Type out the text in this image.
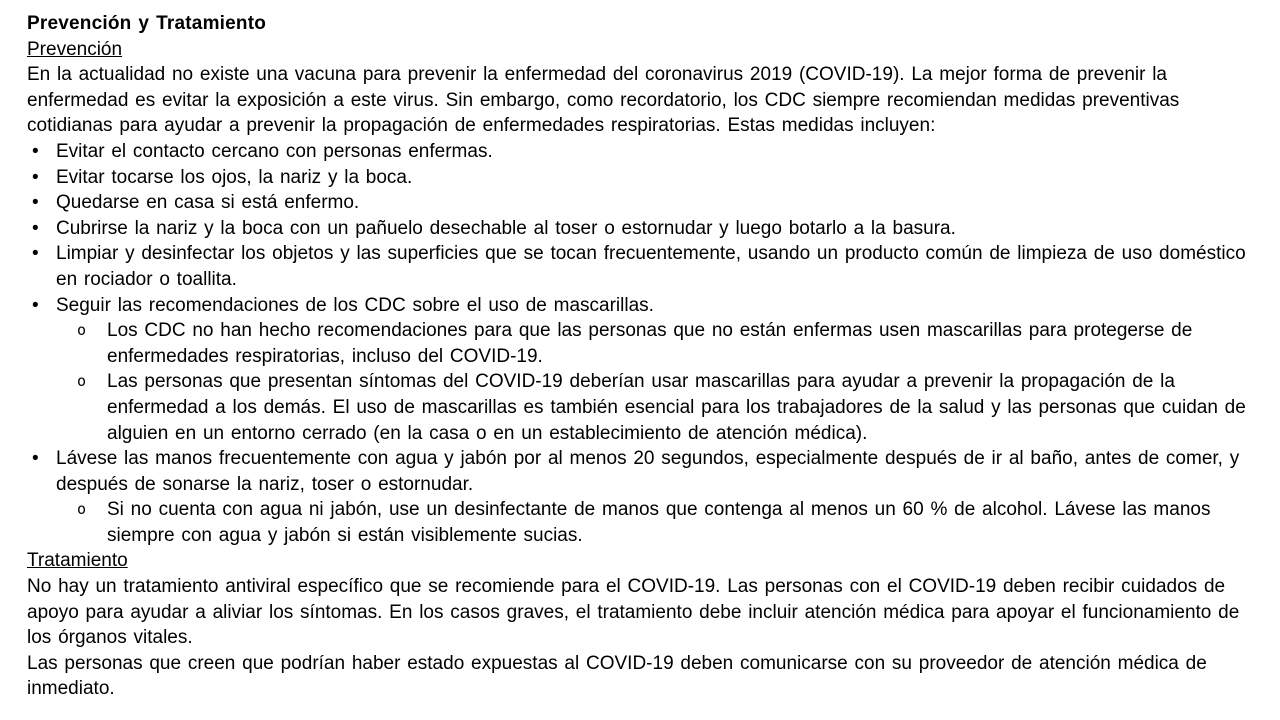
Prevención y Tratamiento
Prevención

En la actualidad no existe una vacuna para prevenir la enfermedad del coronavirus 2019 (COVID-19). La mejor forma de prevenir la enfermedad es evitar la exposición a este virus. Sin embargo, como recordatorio, los CDC siempre recomiendan medidas preventivas cotidianas para ayudar a prevenir la propagación de enfermedades respiratorias. Estas medidas incluyen:

• Evitar el contacto cercano con personas enfermas.
• Evitar tocarse los ojos, la nariz y la boca.
• Quedarse en casa si está enfermo.
• Cubrirse la nariz y la boca con un pañuelo desechable al toser o estornudar y luego botarlo a la basura.
• Limpiar y desinfectar los objetos y las superficies que se tocan frecuentemente, usando un producto común de limpieza de uso doméstico en rociador o toallita.
• Seguir las recomendaciones de los CDC sobre el uso de mascarillas.
o	Los CDC no han hecho recomendaciones para que las personas que no están enfermas usen mascarillas para protegerse de enfermedades respiratorias, incluso del COVID-19.
o	Las personas que presentan síntomas del COVID-19 deberían usar mascarillas para ayudar a prevenir la propagación de la enfermedad a los demás. El uso de mascarillas es también esencial para los trabajadores de la salud y las personas que cuidan de alguien en un entorno cerrado (en la casa o en un establecimiento de atención médica).
• Lávese las manos frecuentemente con agua y jabón por al menos 20 segundos, especialmente después de ir al baño, antes de comer, y después de sonarse la nariz, toser o estornudar.
o	Si no cuenta con agua ni jabón, use un desinfectante de manos que contenga al menos un 60 % de alcohol. Lávese las manos siempre con agua y jabón si están visiblemente sucias.
Tratamiento

No hay un tratamiento antiviral específico que se recomiende para el COVID-19. Las personas con el COVID-19 deben recibir cuidados de apoyo para ayudar a aliviar los síntomas. En los casos graves, el tratamiento debe incluir atención médica para apoyar el funcionamiento de los órganos vitales.

Las personas que creen que podrían haber estado expuestas al COVID-19 deben comunicarse con su proveedor de atención médica de inmediato.
